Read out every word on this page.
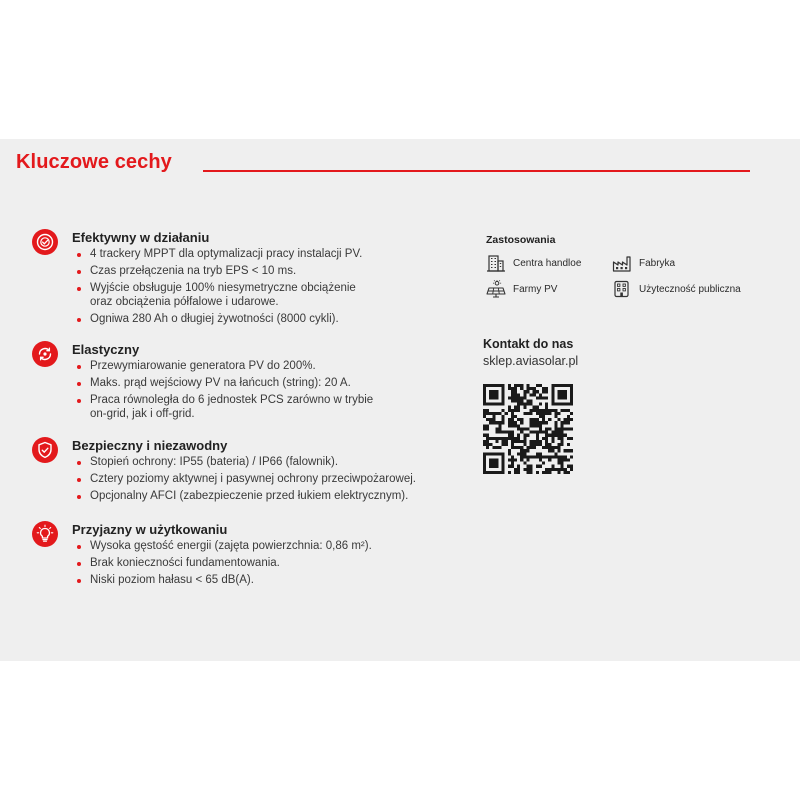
Kluczowe cechy
Efektywny w działaniu
4 trackery MPPT dla optymalizacji pracy instalacji PV.
Czas przełączenia na tryb EPS < 10 ms.
Wyjście obsługuje 100% niesymetryczne obciążenie
oraz obciążenia półfalowe i udarowe.
Ogniwa 280 Ah o długiej żywotności (8000 cykli).
Elastyczny
Przewymiarowanie generatora PV do 200%.
Maks. prąd wejściowy PV na łańcuch (string): 20 A.
Praca równoległa do 6 jednostek PCS zarówno w trybie
on-grid, jak i off-grid.
Bezpieczny i niezawodny
Stopień ochrony: IP55 (bateria) / IP66 (falownik).
Cztery poziomy aktywnej i pasywnej ochrony przeciwpożarowej.
Opcjonalny AFCI (zabezpieczenie przed łukiem elektrycznym).
Przyjazny w użytkowaniu
Wysoka gęstość energii (zajęta powierzchnia: 0,86 m²).
Brak konieczności fundamentowania.
Niski poziom hałasu < 65 dB(A).
Zastosowania
Centra handloe	Fabryka
Farmy PV	Użyteczność publiczna
Kontakt do nas
sklep.aviasolar.pl
